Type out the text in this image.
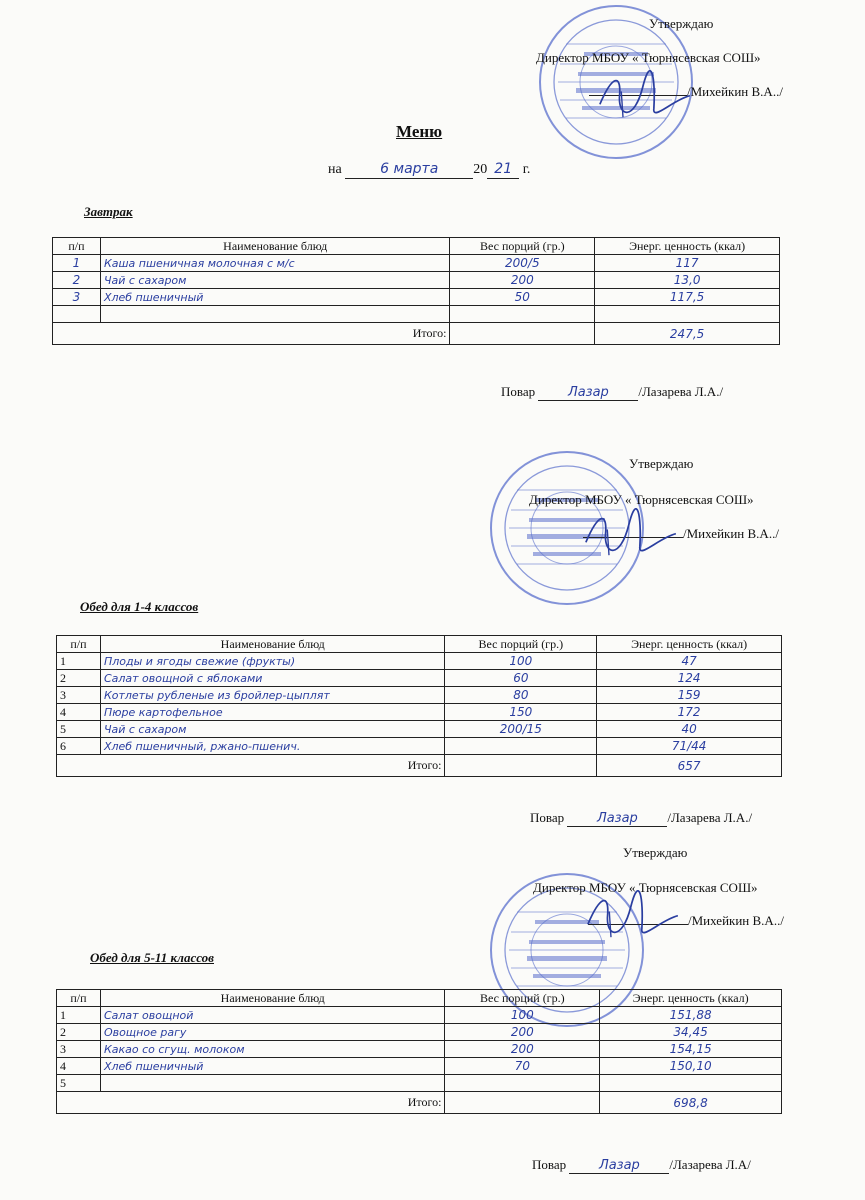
Утверждаю
Директор МБОУ « Тюрнясевская СОШ»
/Михейкин В.А../
Меню
на	6 марта 20 21 г.
Завтрак
п/п	Наименование блюд	Вес порций (гр.)	Энерг. ценность (ккал)
1	Каша пшеничная молочная с м/с	200/5	117
2	Чай с сахаром	200	13,0
3	Хлеб пшеничный	50	117,5

Итого:			247,5
Повар	Лазар /Лазарева Л.А./
Утверждаю
Директор МБОУ « Тюрнясевская СОШ»
/Михейкин В.А../
Обед для 1-4 классов
п/п	Наименование блюд	Вес порций (гр.)	Энерг. ценность (ккал)
1	Плоды и ягоды свежие (фрукты)	100	47
2	Салат овощной с яблоками	60	124
3	Котлеты рубленые из бройлер-цыплят	80	159
4	Пюре картофельное	150	172
5	Чай с сахаром	200/15	40
6	Хлеб пшеничный, ржано-пшенич.		71/44
Итого:			657
Повар	Лазар /Лазарева Л.А./
Утверждаю
Директор МБОУ « Тюрнясевская СОШ»
/Михейкин В.А../
Обед для 5-11 классов
п/п	Наименование блюд	Вес порций (гр.)	Энерг. ценность (ккал)
1	Салат овощной	100	151,88
2	Овощное рагу	200	34,45
3	Какао со сгущ. молоком	200	154,15
4	Хлеб пшеничный	70	150,10
5			
Итого:			698,8
Повар	Лазар /Лазарева Л.А/
